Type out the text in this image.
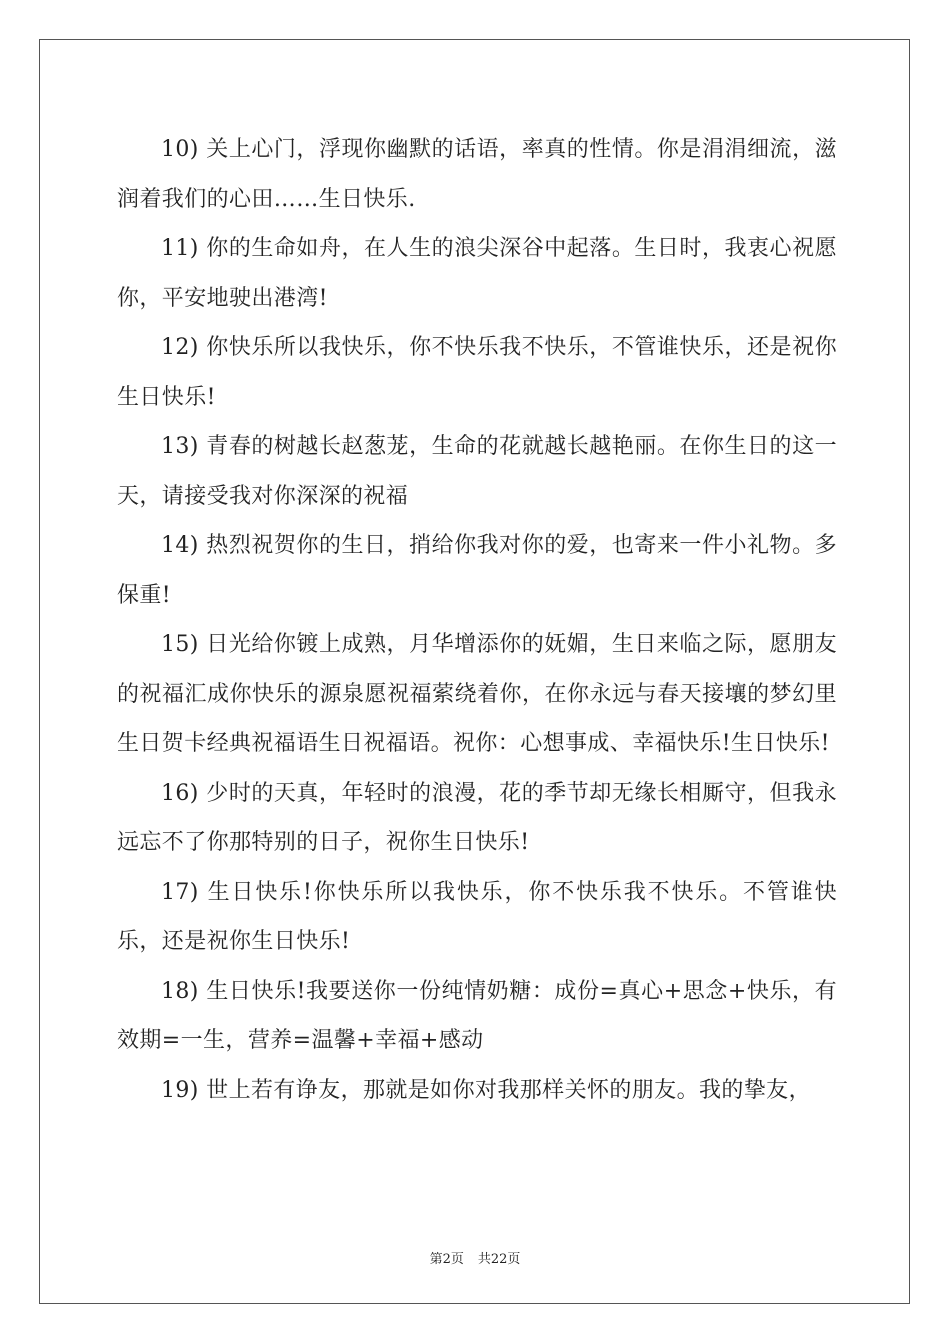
10) 关上心门，浮现你幽默的话语，率真的性情。你是涓涓细流，滋润着我们的心田……生日快乐.

11) 你的生命如舟，在人生的浪尖深谷中起落。生日时，我衷心祝愿你，平安地驶出港湾!

12) 你快乐所以我快乐，你不快乐我不快乐，不管谁快乐，还是祝你生日快乐!

13) 青春的树越长赵葱茏，生命的花就越长越艳丽。在你生日的这一天，请接受我对你深深的祝福

14) 热烈祝贺你的生日，捎给你我对你的爱，也寄来一件小礼物。多保重!

15) 日光给你镀上成熟，月华增添你的妩媚，生日来临之际，愿朋友的祝福汇成你快乐的源泉愿祝福萦绕着你，在你永远与春天接壤的梦幻里生日贺卡经典祝福语生日祝福语。祝你：心想事成、幸福快乐!生日快乐!

16) 少时的天真，年轻时的浪漫，花的季节却无缘长相厮守，但我永远忘不了你那特别的日子，祝你生日快乐!

17) 生日快乐!你快乐所以我快乐，你不快乐我不快乐。不管谁快乐，还是祝你生日快乐!

18) 生日快乐!我要送你一份纯情奶糖：成份=真心+思念+快乐，有效期=一生，营养=温馨+幸福+感动

19) 世上若有诤友，那就是如你对我那样关怀的朋友。我的挚友，

第2页 共22页
